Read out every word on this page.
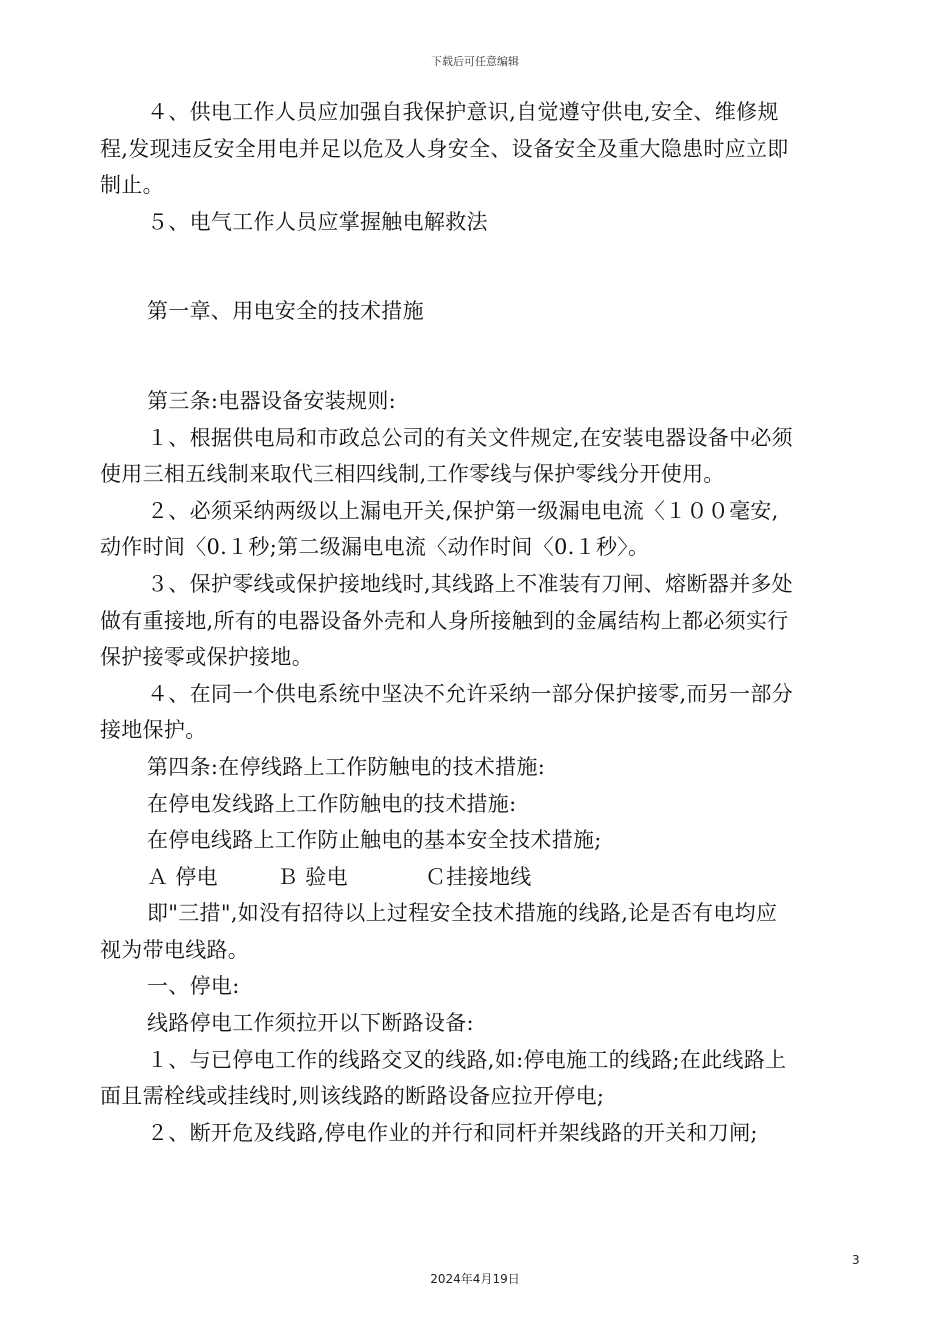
下载后可任意编辑
４、供电工作人员应加强自我保护意识,自觉遵守供电,安全、维修规
程,发现违反安全用电并足以危及人身安全、设备安全及重大隐患时应立即
制止。
５、电气工作人员应掌握触电解救法
第一章、用电安全的技术措施
第三条:电器设备安装规则:
１、根据供电局和市政总公司的有关文件规定,在安装电器设备中必须
使用三相五线制来取代三相四线制,工作零线与保护零线分开使用。
２、必须采纳两级以上漏电开关,保护第一级漏电电流〈１００毫安,
动作时间〈0.１秒;第二级漏电电流〈动作时间〈0.１秒〉。
３、保护零线或保护接地线时,其线路上不准装有刀闸、熔断器并多处
做有重接地,所有的电器设备外壳和人身所接触到的金属结构上都必须实行
保护接零或保护接地。
４、在同一个供电系统中坚决不允许采纳一部分保护接零,而另一部分
接地保护。
第四条:在停线路上工作防触电的技术措施:
在停电发线路上工作防触电的技术措施:
在停电线路上工作防止触电的基本安全技术措施;
Ａ 停电	Ｂ 验电	Ｃ挂接地线
即"三措",如没有招待以上过程安全技术措施的线路,论是否有电均应
视为带电线路。
一、停电:
线路停电工作须拉开以下断路设备:
１、与已停电工作的线路交叉的线路,如:停电施工的线路;在此线路上
面且需栓线或挂线时,则该线路的断路设备应拉开停电;
２、断开危及线路,停电作业的并行和同杆并架线路的开关和刀闸;
3
2024年4月19日
